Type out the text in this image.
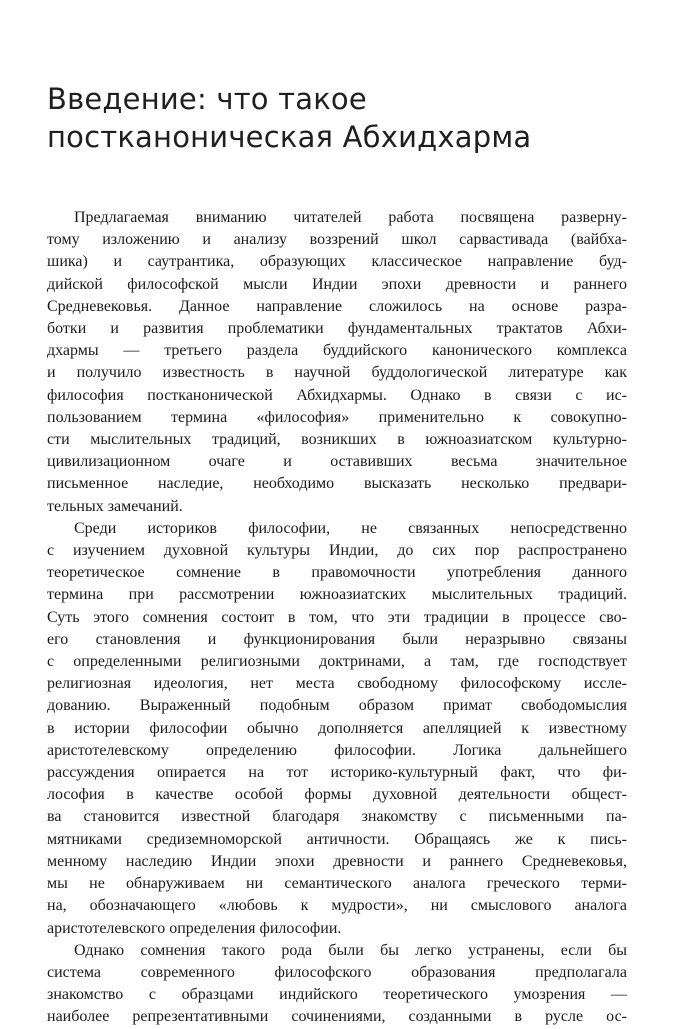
Введение: что такое
постканоническая Абхидхарма

Предлагаемая вниманию читателей работа посвящена разверну-
тому изложению и анализу воззрений школ сарвастивада (вайбха-
шика) и саутрантика, образующих классическое направление буд-
дийской философской мысли Индии эпохи древности и раннего
Средневековья. Данное направление сложилось на основе разра-
ботки и развития проблематики фундаментальных трактатов Абхи-
дхармы — третьего раздела буддийского канонического комплекса
и получило известность в научной буддологической литературе как
философия постканонической Абхидхармы. Однако в связи с ис-
пользованием термина «философия» применительно к совокупно-
сти мыслительных традиций, возникших в южноазиатском культурно-
цивилизационном очаге и оставивших весьма значительное
письменное наследие, необходимо высказать несколько предвари-
тельных замечаний.

Среди историков философии, не связанных непосредственно
с изучением духовной культуры Индии, до сих пор распространено
теоретическое сомнение в правомочности употребления данного
термина при рассмотрении южноазиатских мыслительных традиций.
Суть этого сомнения состоит в том, что эти традиции в процессе сво-
его становления и функционирования были неразрывно связаны
с определенными религиозными доктринами, а там, где господствует
религиозная идеология, нет места свободному философскому иссле-
дованию. Выраженный подобным образом примат свободомыслия
в истории философии обычно дополняется апелляцией к известному
аристотелевскому определению философии. Логика дальнейшего
рассуждения опирается на тот историко-культурный факт, что фи-
лософия в качестве особой формы духовной деятельности общест-
ва становится известной благодаря знакомству с письменными па-
мятниками средиземноморской античности. Обращаясь же к пись-
менному наследию Индии эпохи древности и раннего Средневековья,
мы не обнаруживаем ни семантического аналога греческого терми-
на, обозначающего «любовь к мудрости», ни смыслового аналога
аристотелевского определения философии.

Однако сомнения такого рода были бы легко устранены, если бы
система современного философского образования предполагала
знакомство с образцами индийского теоретического умозрения —
наиболее репрезентативными сочинениями, созданными в русле ос-
